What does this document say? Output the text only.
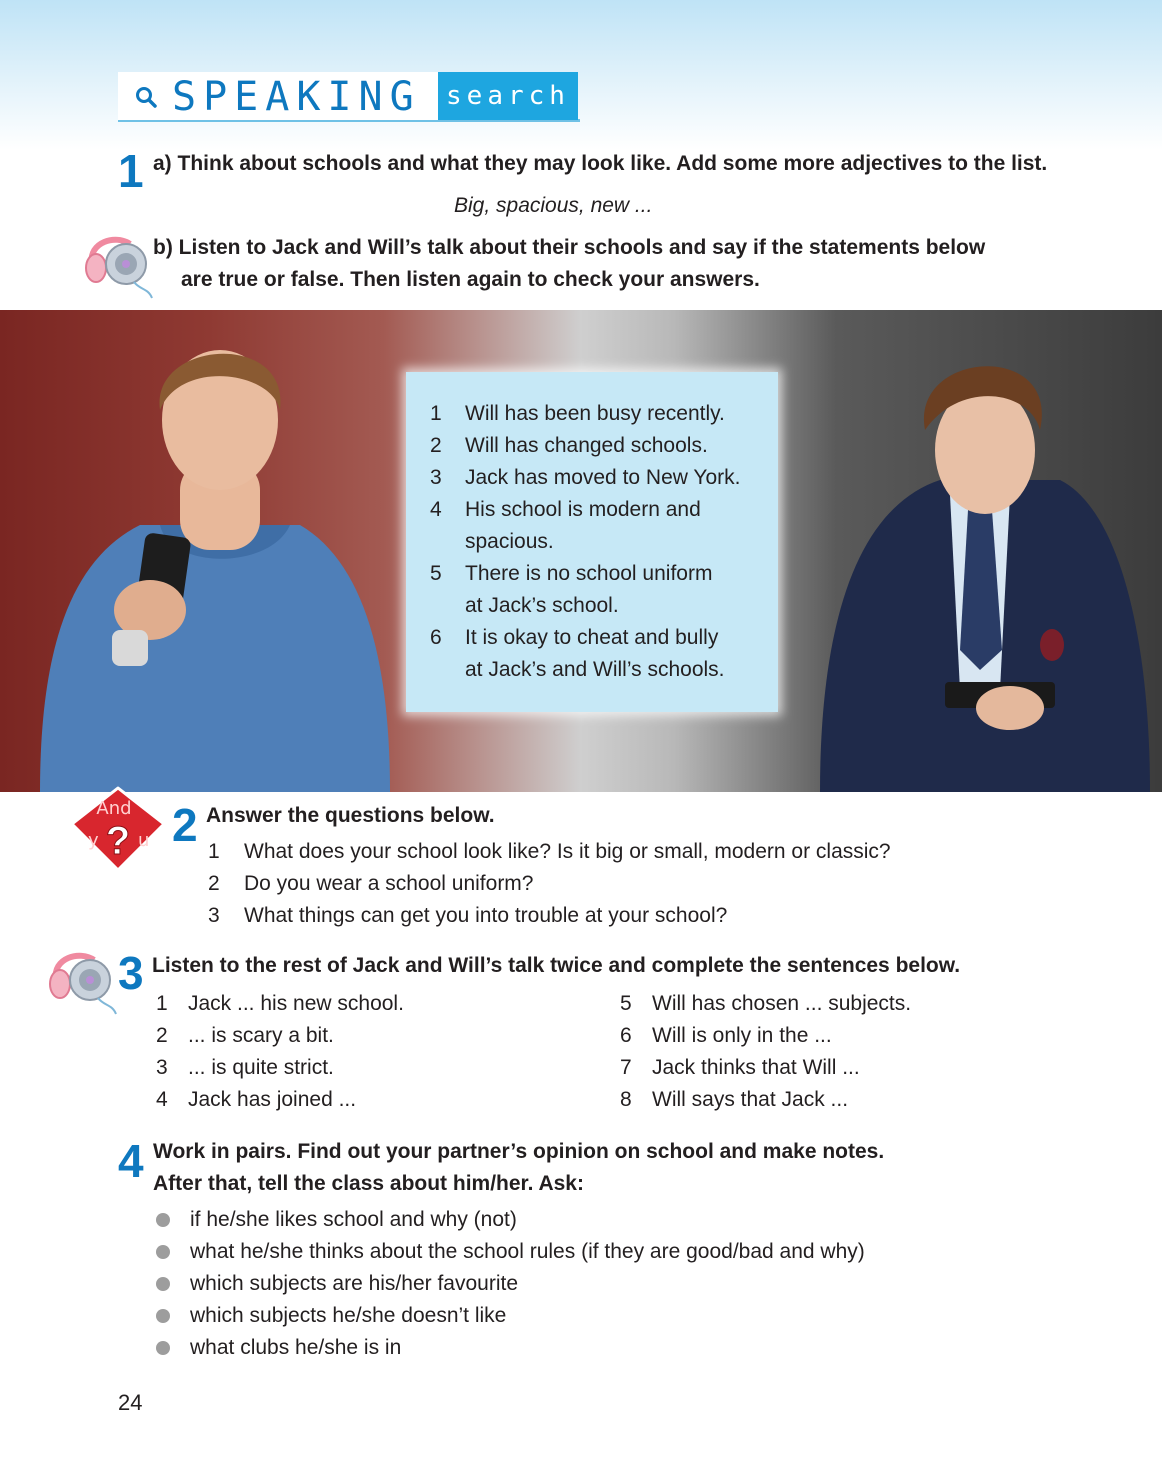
SPEAKING search
1 a) Think about schools and what they may look like. Add some more adjectives to the list.
Big, spacious, new ...
b) Listen to Jack and Will’s talk about their schools and say if the statements below
are true or false. Then listen again to check your answers.
1	Will has been busy recently.
2	Will has changed schools.
3	Jack has moved to New York.
4	His school is modern and
spacious.
5	There is no school uniform
at Jack’s school.
6	It is okay to cheat and bully
at Jack’s and Will’s schools.
And
y ? u 2 Answer the questions below.
1	What does your school look like? Is it big or small, modern or classic?
2	Do you wear a school uniform?
3	What things can get you into trouble at your school?
3 Listen to the rest of Jack and Will’s talk twice and complete the sentences below.
1 Jack ... his new school.
2 ... is scary a bit.
3 ... is quite strict.
4 Jack has joined ...
5 Will has chosen ... subjects.
6 Will is only in the ...
7 Jack thinks that Will ...
8 Will says that Jack ...
4 Work in pairs. Find out your partner’s opinion on school and make notes.
After that, tell the class about him/her. Ask:
if he/she likes school and why (not)
what he/she thinks about the school rules (if they are good/bad and why)
which subjects are his/her favourite
which subjects he/she doesn’t like
what clubs he/she is in
24
